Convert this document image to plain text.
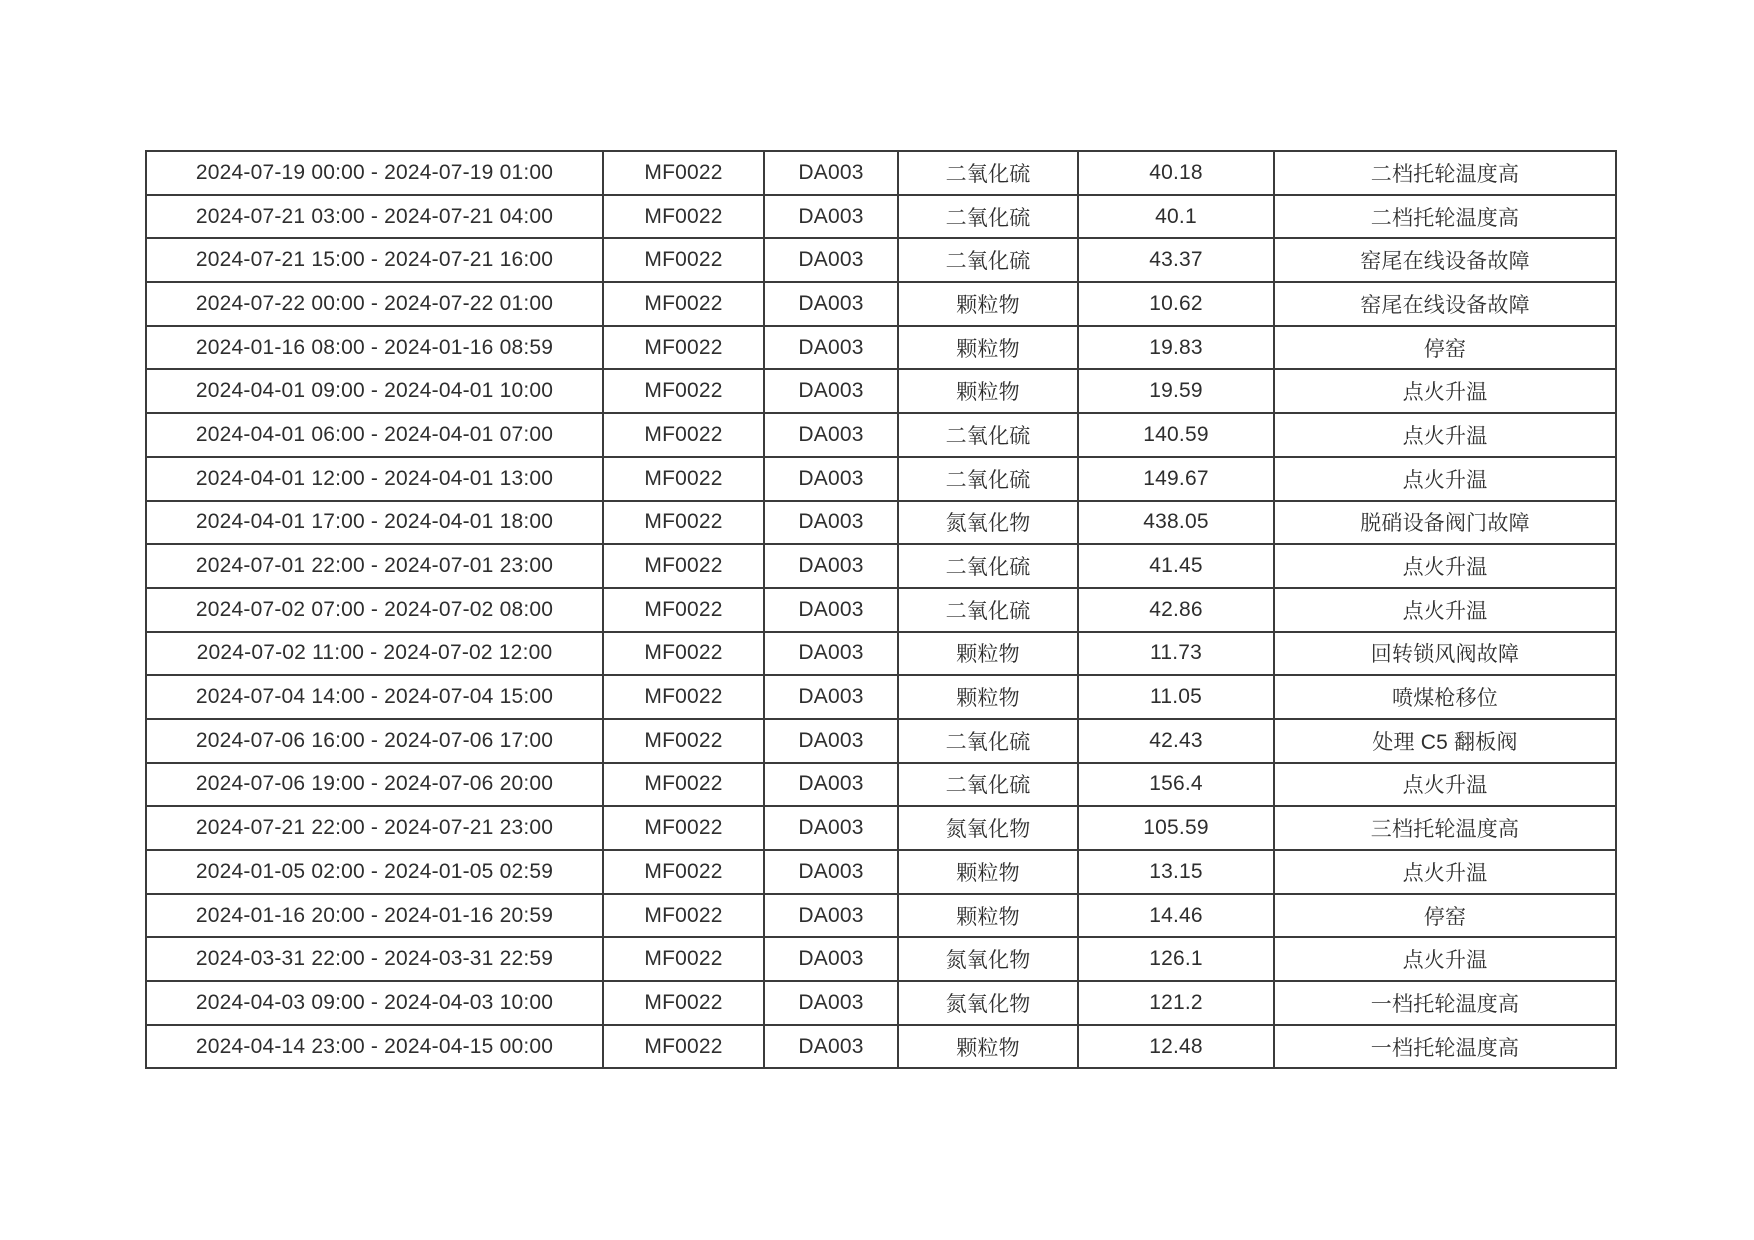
2024-07-19 00:00 - 2024-07-19 01:00	MF0022	DA003	二氧化硫	40.18	二档托轮温度高
2024-07-21 03:00 - 2024-07-21 04:00	MF0022	DA003	二氧化硫	40.1	二档托轮温度高
2024-07-21 15:00 - 2024-07-21 16:00	MF0022	DA003	二氧化硫	43.37	窑尾在线设备故障
2024-07-22 00:00 - 2024-07-22 01:00	MF0022	DA003	颗粒物	10.62	窑尾在线设备故障
2024-01-16 08:00 - 2024-01-16 08:59	MF0022	DA003	颗粒物	19.83	停窑
2024-04-01 09:00 - 2024-04-01 10:00	MF0022	DA003	颗粒物	19.59	点火升温
2024-04-01 06:00 - 2024-04-01 07:00	MF0022	DA003	二氧化硫	140.59	点火升温
2024-04-01 12:00 - 2024-04-01 13:00	MF0022	DA003	二氧化硫	149.67	点火升温
2024-04-01 17:00 - 2024-04-01 18:00	MF0022	DA003	氮氧化物	438.05	脱硝设备阀门故障
2024-07-01 22:00 - 2024-07-01 23:00	MF0022	DA003	二氧化硫	41.45	点火升温
2024-07-02 07:00 - 2024-07-02 08:00	MF0022	DA003	二氧化硫	42.86	点火升温
2024-07-02 11:00 - 2024-07-02 12:00	MF0022	DA003	颗粒物	11.73	回转锁风阀故障
2024-07-04 14:00 - 2024-07-04 15:00	MF0022	DA003	颗粒物	11.05	喷煤枪移位
2024-07-06 16:00 - 2024-07-06 17:00	MF0022	DA003	二氧化硫	42.43	处理 C5 翻板阀
2024-07-06 19:00 - 2024-07-06 20:00	MF0022	DA003	二氧化硫	156.4	点火升温
2024-07-21 22:00 - 2024-07-21 23:00	MF0022	DA003	氮氧化物	105.59	三档托轮温度高
2024-01-05 02:00 - 2024-01-05 02:59	MF0022	DA003	颗粒物	13.15	点火升温
2024-01-16 20:00 - 2024-01-16 20:59	MF0022	DA003	颗粒物	14.46	停窑
2024-03-31 22:00 - 2024-03-31 22:59	MF0022	DA003	氮氧化物	126.1	点火升温
2024-04-03 09:00 - 2024-04-03 10:00	MF0022	DA003	氮氧化物	121.2	一档托轮温度高
2024-04-14 23:00 - 2024-04-15 00:00	MF0022	DA003	颗粒物	12.48	一档托轮温度高
